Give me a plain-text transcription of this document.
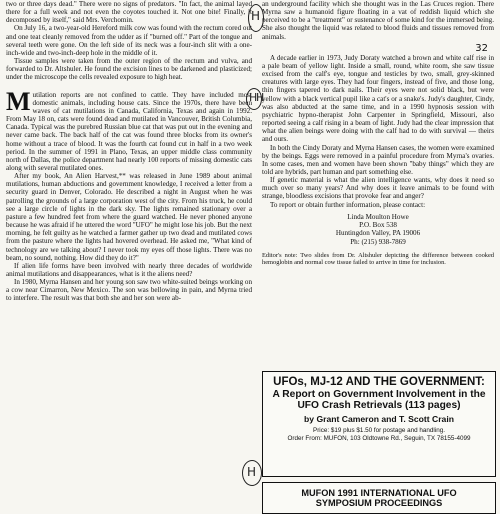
two or three days dead." There were no signs of predators. "In fact, the animal layed there for a full week and not even the coyotes touched it. Not one bite! Finally, it decomposed by itself," said Mrs. Verchomin.

On July 16, a two-year-old Hereford milk cow was found with the rectum cored out and one teat cleanly removed from the udder as if "burned off." Part of the tongue and several teeth were gone. On the left side of its neck was a four-inch slit with a one-inch-wide and two-inch-deep hole in the middle of it.

Tissue samples were taken from the outer region of the rectum and vulva, and forwarded to Dr. Altshuler. He found the excision lines to be darkened and plasticized; under the microscope the cells revealed exposure to high heat.

Mutilation reports are not confined to cattle. They have included most domestic animals, including house cats. Since the 1970s, there have been waves of cat mutilations in Canada, California, Texas and again in 1992. From May 18 on, cats were found dead and mutilated in Vancouver, British Columbia, Canada. Typical was the purebred Russian blue cat that was put out in the evening and never came back. The back half of the cat was found three blocks from its owner's home without a trace of blood. It was the fourth cat found cut in half in a two week period. In the summer of 1991 in Plano, Texas, an upper middle class community north of Dallas, the police department had nearly 100 reports of missing domestic cats along with several mutilated ones.

After my book, An Alien Harvest,** was released in June 1989 about animal mutilations, human abductions and government knowledge, I received a letter from a security guard in Denver, Colorado. He described a night in August when he was patrolling the grounds of a large corporation west of the city. From his truck, he could see a large circle of lights in the dark sky. The lights remained stationary over a pasture a few hundred feet from where the guard watched. He never phoned anyone because he was afraid if he uttered the word "UFO" he might lose his job. But the next morning, he felt guilty as he watched a farmer gather up two dead and mutilated cows from the pasture where the lights had hovered overhead. He asked me, "What kind of technology are we talking about? I never took my eyes off those lights. There was no beam, no sound, nothing. How did they do it?"

If alien life forms have been involved with nearly three decades of worldwide animal mutilations and disappearances, what is it the aliens need?

In 1980, Myrna Hansen and her young son saw two white-suited beings working on a cow near Cimarron, New Mexico. The son was bellowing in pain, and Myrna tried to interfere. The result was that both she and her son were ab-

an underground facility which she thought was in the Las Cruces region. There Myrna saw a humanoid figure floating in a vat of reddish liquid which she perceived to be a "treatment" or sustenance of some kind for the immersed being. She also thought the liquid was related to blood fluids and tissues removed from animals.

32

A decade earlier in 1973, Judy Doraty watched a brown and white calf rise in a pale beam of yellow light. Inside a small, round, white room, she saw tissue excised from the calf's eye, tongue and testicles by two, small, grey-skinned creatures with large eyes. They had four fingers, instead of five, and those long, thin fingers tapered to dark nails. Their eyes were not solid black, but were yellow with a black vertical pupil like a cat's or a snake's. Judy's daughter, Cindy, was also abducted at the same time, and in a 1990 hypnosis session with psychiatric hypno-therapist John Carpenter in Springfield, Missouri, also reported seeing a calf rising in a beam of light. Judy had the clear impression that what the alien beings were doing with the calf had to do with survival — theirs and ours.

In both the Cindy Doraty and Myrna Hansen cases, the women were examined by the beings. Eggs were removed in a painful procedure from Myrna's ovaries. In some cases, men and women have been shown "baby things" which they are told are hybrids, part human and part something else.

If genetic material is what the alien intelligence wants, why does it need so much over so many years? And why does it leave animals to be found with strange, bloodless excisions that provoke fear and anger?

To report or obtain further information, please contact:

Linda Moulton Howe
P.O. Box 538
Huntingdon Valley, PA 19006
Ph: (215) 938-7869
Editor's note: Two slides from Dr. Altshuler depicting the difference between cooked hemoglobin and normal cow tissue failed to arrive in time for inclusion.
UFOs, MJ-12 AND THE GOVERNMENT:
A Report on Government Involvement in the UFO Crash Retrievals (113 pages)
by Grant Cameron and T. Scott Crain
Price: $19 plus $1.50 for postage and handling.
Order From: MUFON, 103 Oldtowne Rd., Seguin, TX 78155-4099
MUFON 1991 INTERNATIONAL UFO
SYMPOSIUM PROCEEDINGS
H
H
H
H
